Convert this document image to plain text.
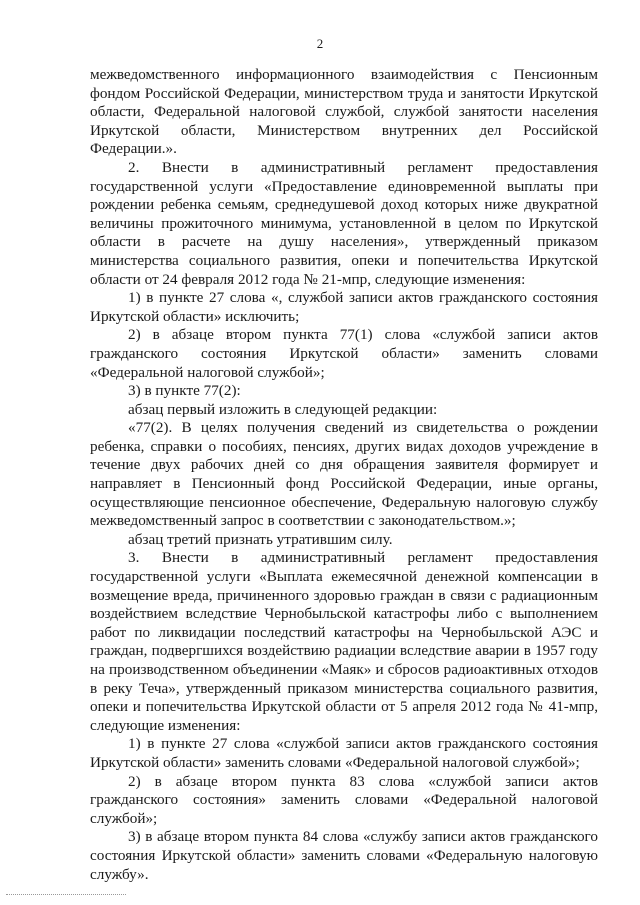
2

межведомственного информационного взаимодействия с Пенсионным фондом Российской Федерации, министерством труда и занятости Иркутской области, Федеральной налоговой службой, службой занятости населения Иркутской области, Министерством внутренних дел Российской Федерации.».

2. Внести в административный регламент предоставления государственной услуги «Предоставление единовременной выплаты при рождении ребенка семьям, среднедушевой доход которых ниже двукратной величины прожиточного минимума, установленной в целом по Иркутской области в расчете на душу населения», утвержденный приказом министерства социального развития, опеки и попечительства Иркутской области от 24 февраля 2012 года № 21-мпр, следующие изменения:

1) в пункте 27 слова «, службой записи актов гражданского состояния Иркутской области» исключить;

2) в абзаце втором пункта 77(1) слова «службой записи актов гражданского состояния Иркутской области» заменить словами «Федеральной налоговой службой»;

3) в пункте 77(2):

абзац первый изложить в следующей редакции:

«77(2). В целях получения сведений из свидетельства о рождении ребенка, справки о пособиях, пенсиях, других видах доходов учреждение в течение двух рабочих дней со дня обращения заявителя формирует и направляет в Пенсионный фонд Российской Федерации, иные органы, осуществляющие пенсионное обеспечение, Федеральную налоговую службу межведомственный запрос в соответствии с законодательством.»;

абзац третий признать утратившим силу.

3. Внести в административный регламент предоставления государственной услуги «Выплата ежемесячной денежной компенсации в возмещение вреда, причиненного здоровью граждан в связи с радиационным воздействием вследствие Чернобыльской катастрофы либо с выполнением работ по ликвидации последствий катастрофы на Чернобыльской АЭС и граждан, подвергшихся воздействию радиации вследствие аварии в 1957 году на производственном объединении «Маяк» и сбросов радиоактивных отходов в реку Теча», утвержденный приказом министерства социального развития, опеки и попечительства Иркутской области от 5 апреля 2012 года № 41-мпр, следующие изменения:

1) в пункте 27 слова «службой записи актов гражданского состояния Иркутской области» заменить словами «Федеральной налоговой службой»;

2) в абзаце втором пункта 83 слова «службой записи актов гражданского состояния» заменить словами «Федеральной налоговой службой»;

3) в абзаце втором пункта 84 слова «службу записи актов гражданского состояния Иркутской области» заменить словами «Федеральную налоговую службу».
